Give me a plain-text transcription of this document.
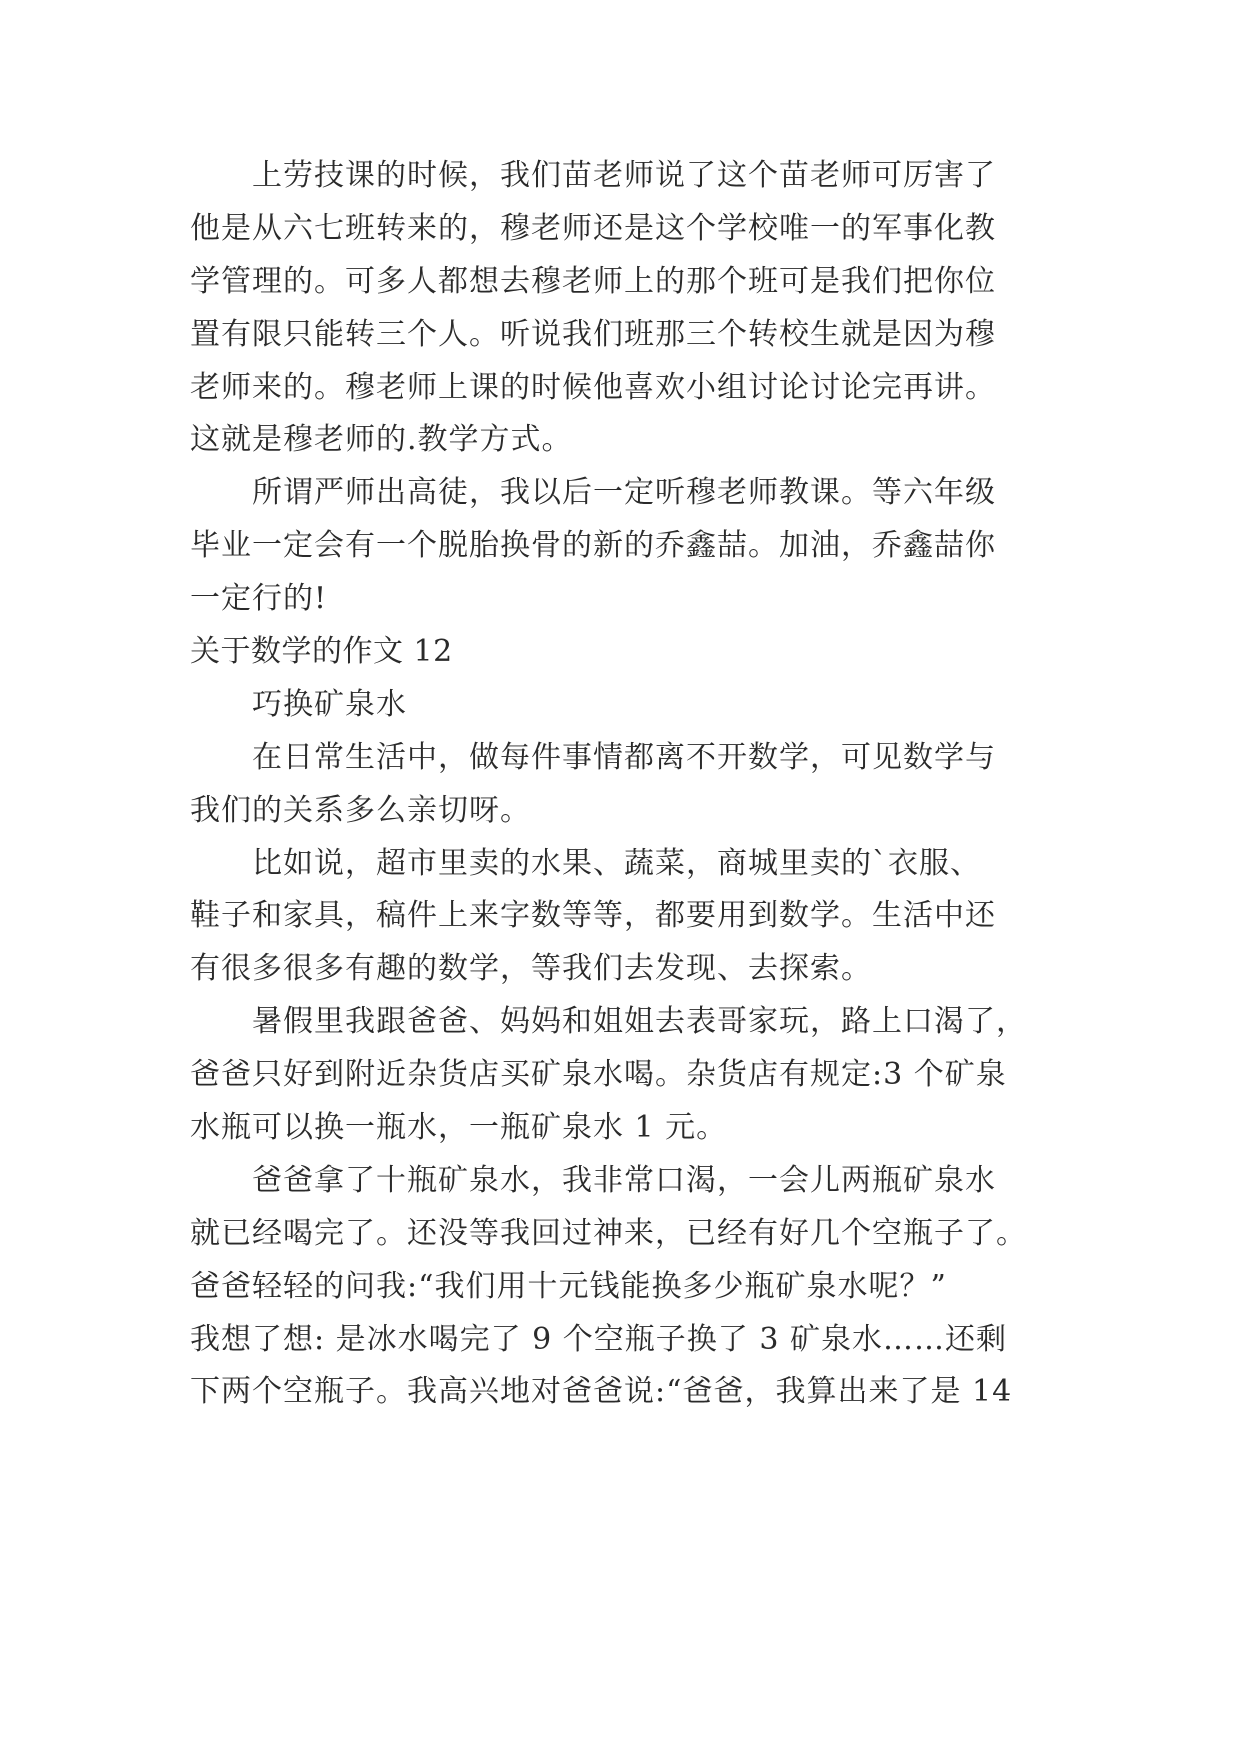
上劳技课的时候，我们苗老师说了这个苗老师可厉害了
他是从六七班转来的，穆老师还是这个学校唯一的军事化教
学管理的。可多人都想去穆老师上的那个班可是我们把你位
置有限只能转三个人。听说我们班那三个转校生就是因为穆
老师来的。穆老师上课的时候他喜欢小组讨论讨论完再讲。
这就是穆老师的.教学方式。
所谓严师出高徒，我以后一定听穆老师教课。等六年级
毕业一定会有一个脱胎换骨的新的乔鑫喆。加油，乔鑫喆你
一定行的!
关于数学的作文 12
巧换矿泉水
在日常生活中，做每件事情都离不开数学，可见数学与
我们的关系多么亲切呀。
比如说，超市里卖的水果、蔬菜，商城里卖的`衣服、
鞋子和家具，稿件上来字数等等，都要用到数学。生活中还
有很多很多有趣的数学，等我们去发现、去探索。
暑假里我跟爸爸、妈妈和姐姐去表哥家玩，路上口渴了，
爸爸只好到附近杂货店买矿泉水喝。杂货店有规定:3 个矿泉
水瓶可以换一瓶水，一瓶矿泉水 1 元。
爸爸拿了十瓶矿泉水，我非常口渴，一会儿两瓶矿泉水
就已经喝完了。还没等我回过神来，已经有好几个空瓶子了。
爸爸轻轻的问我:“我们用十元钱能换多少瓶矿泉水呢？”
我想了想: 是冰水喝完了 9 个空瓶子换了 3 矿泉水……还剩
下两个空瓶子。我高兴地对爸爸说:“爸爸，我算出来了是 14
